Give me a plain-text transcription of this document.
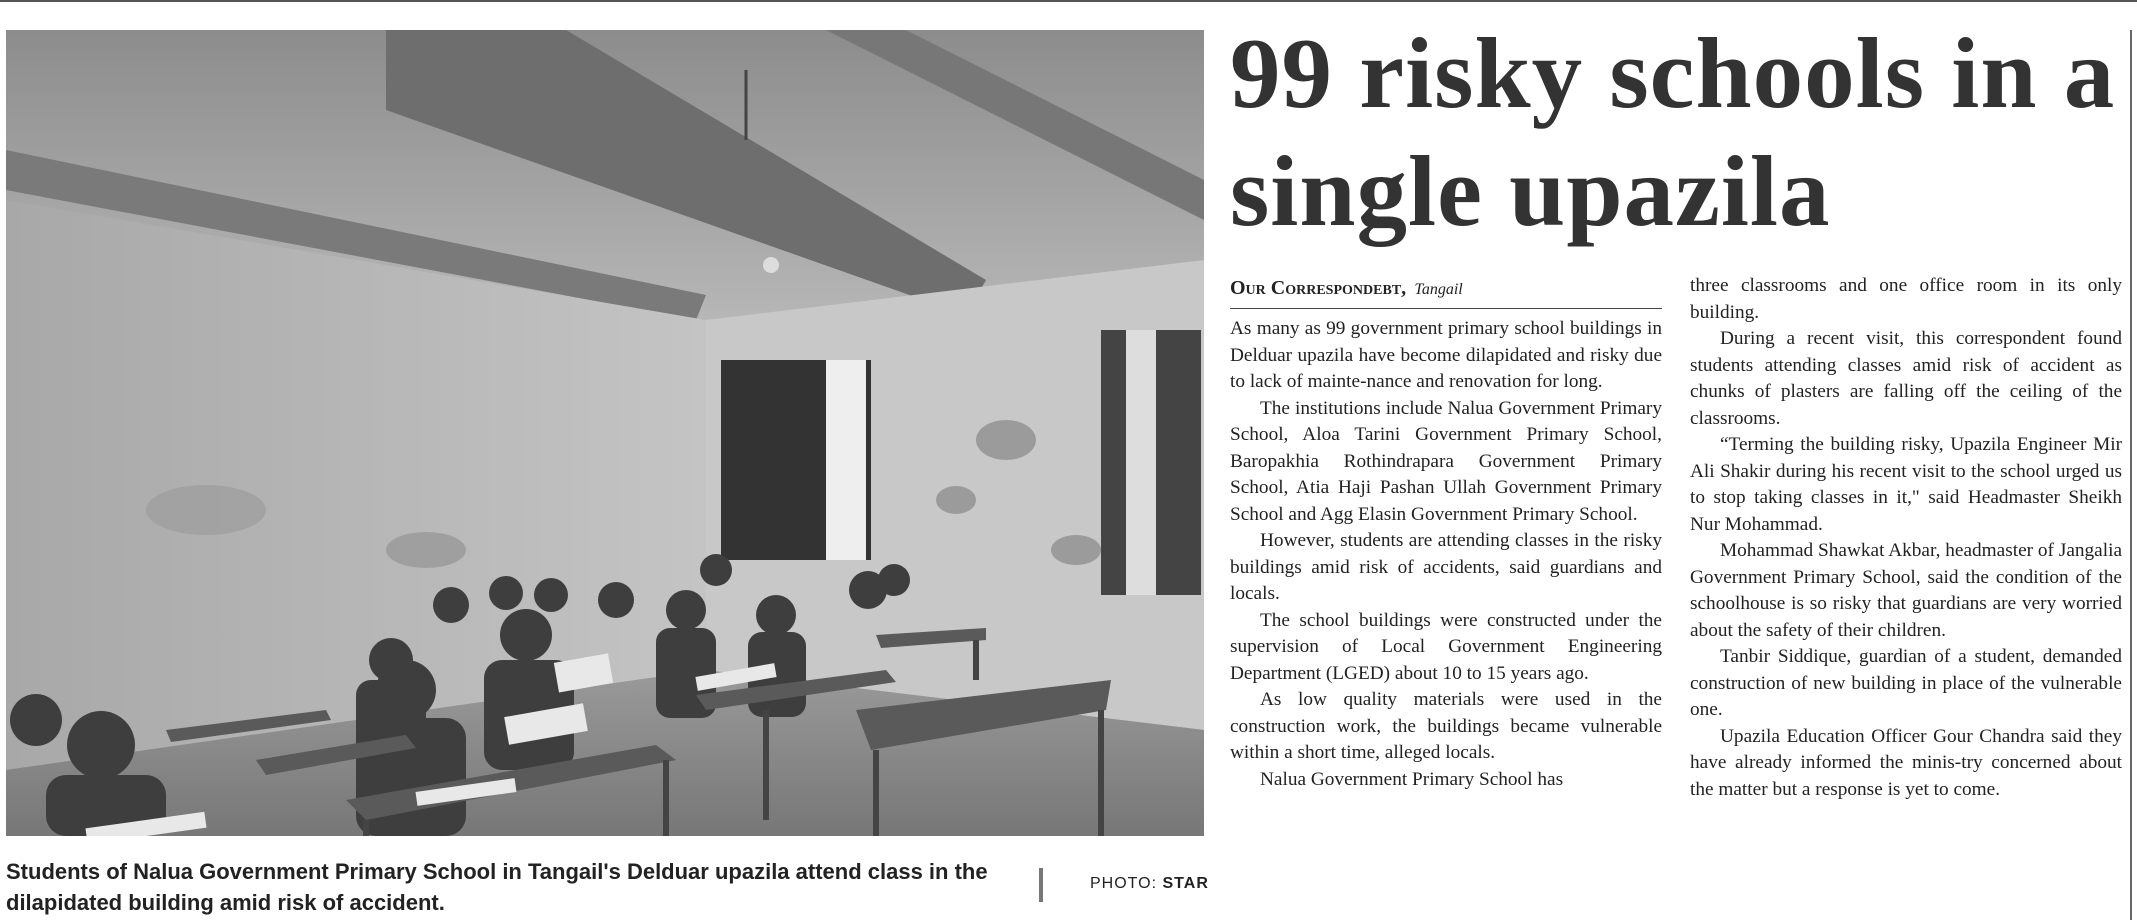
Students of Nalua Government Primary School in Tangail's Delduar upazila attend class in the dilapidated building amid risk of accident.

PHOTO: STAR
99 risky schools in a single upazila
Our Correspondebt, Tangail

As many as 99 government primary school buildings in Delduar upazila have become dilapidated and risky due to lack of mainte-nance and renovation for long.

The institutions include Nalua Government Primary School, Aloa Tarini Government Primary School, Baropakhia Rothindrapara Government Primary School, Atia Haji Pashan Ullah Government Primary School and Agg Elasin Government Primary School.

However, students are attending classes in the risky buildings amid risk of accidents, said guardians and locals.

The school buildings were constructed under the supervision of Local Government Engineering Department (LGED) about 10 to 15 years ago.

As low quality materials were used in the construction work, the buildings became vulnerable within a short time, alleged locals.

Nalua Government Primary School has

three classrooms and one office room in its only building.

During a recent visit, this correspondent found students attending classes amid risk of accident as chunks of plasters are falling off the ceiling of the classrooms.

“Terming the building risky, Upazila Engineer Mir Ali Shakir during his recent visit to the school urged us to stop taking classes in it," said Headmaster Sheikh Nur Mohammad.

Mohammad Shawkat Akbar, headmaster of Jangalia Government Primary School, said the condition of the schoolhouse is so risky that guardians are very worried about the safety of their children.

Tanbir Siddique, guardian of a student, demanded construction of new building in place of the vulnerable one.

Upazila Education Officer Gour Chandra said they have already informed the minis-try concerned about the matter but a response is yet to come.
